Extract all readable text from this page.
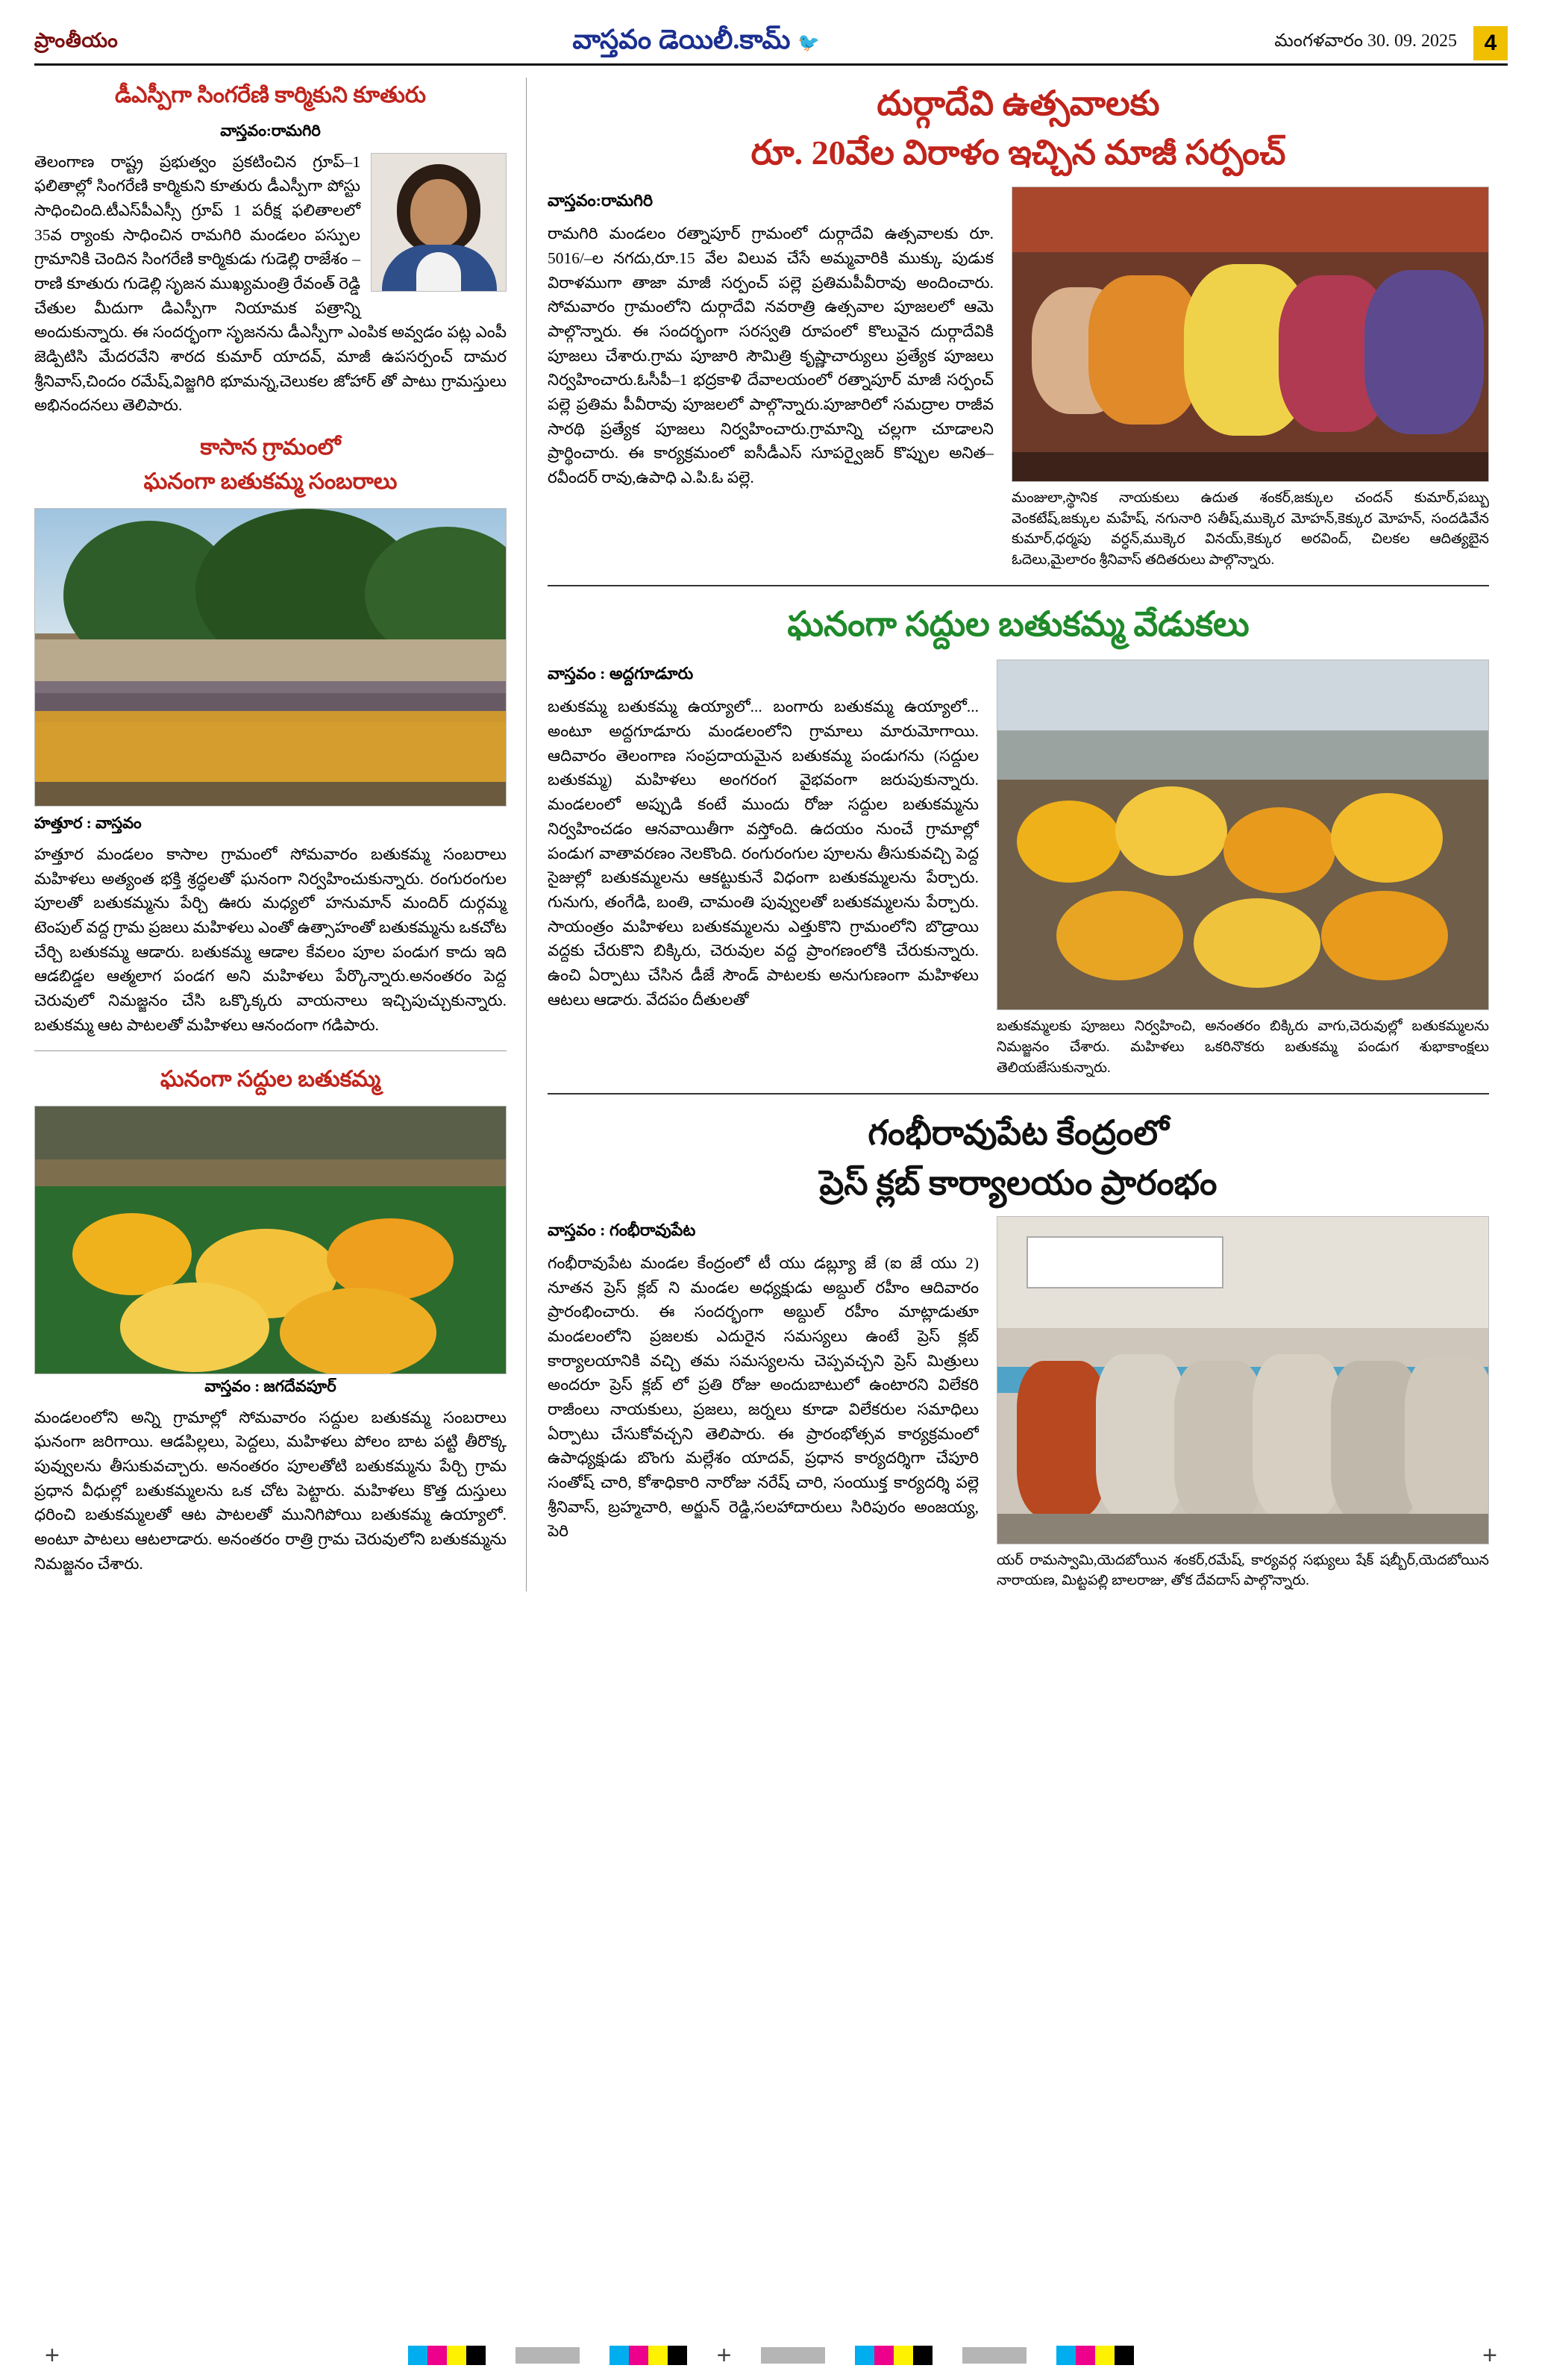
ప్రాంతీయం	వాస్తవం డెయిలీ.కామ్ 🐦	మంగళవారం 30. 09. 2025	4
డీఎస్పీగా సింగరేణి కార్మికుని కూతురు
వాస్తవం:రామగిరి

తెలంగాణ రాష్ట్ర ప్రభుత్వం ప్రకటించిన గ్రూప్–1 ఫలితాల్లో సింగరేణి కార్మికుని కూతురు డీఎస్పీగా పోస్టు సాధించింది.టీఎస్‌పీఎస్సీ గ్రూప్ 1 పరీక్ష ఫలితాలలో 35వ ర్యాంకు సాధించిన రామగిరి మండలం పస్పుల గ్రామానికి చెందిన సింగరేణి కార్మికుడు గుడెల్లి రాజేశం – రాణి కూతురు గుడెల్లి సృజన ముఖ్యమంత్రి రేవంత్ రెడ్డి చేతుల మీదుగా డిఎస్పీగా నియామక పత్రాన్ని అందుకున్నారు. ఈ సందర్భంగా సృజనను డీఎస్పీగా ఎంపిక అవ్వడం పట్ల ఎంపీ జెడ్పిటిసి మేదరవేని శారద కుమార్ యాదవ్, మాజీ ఉపసర్పంచ్ దామర శ్రీనివాస్,చిందం రమేష్,విజ్జగిరి భూమన్న,చెలుకల జోహార్ తో పాటు గ్రామస్తులు అభినందనలు తెలిపారు.

కాసాన గ్రామంలో
ఘనంగా బతుకమ్మ సంబరాలు
హత్తూర : వాస్తవం

హత్తూర మండలం కాసాల గ్రామంలో సోమవారం బతుకమ్మ సంబరాలు మహిళలు అత్యంత భక్తి శ్రద్ధలతో ఘనంగా నిర్వహించుకున్నారు. రంగురంగుల పూలతో బతుకమ్మను పేర్చి ఊరు మధ్యలో హనుమాన్ మందిర్ దుర్గమ్మ టెంపుల్ వద్ద గ్రామ ప్రజలు మహిళలు ఎంతో ఉత్సాహంతో బతుకమ్మను ఒకచోట చేర్చి బతుకమ్మ ఆడారు. బతుకమ్మ ఆడాల కేవలం పూల పండుగ కాదు ఇది ఆడబిడ్డల ఆత్మలాగ పండగ అని మహిళలు పేర్కొన్నారు.అనంతరం పెద్ద చెరువులో నిమజ్జనం చేసి ఒక్కొక్కరు వాయనాలు ఇచ్చిపుచ్చుకున్నారు. బతుకమ్మ ఆట పాటలతో మహిళలు ఆనందంగా గడిపారు.

ఘనంగా సద్దుల బతుకమ్మ
వాస్తవం : జగదేవపూర్

మండలంలోని అన్ని గ్రామాల్లో సోమవారం సద్దుల బతుకమ్మ సంబరాలు ఘనంగా జరిగాయి. ఆడపిల్లలు, పెద్దలు, మహిళలు పోలం బాట పట్టి తీరొక్క పువ్వులను తీసుకువచ్చారు. అనంతరం పూలతోటి బతుకమ్మను పేర్చి గ్రామ ప్రధాన వీధుల్లో బతుకమ్మలను ఒక చోట పెట్టారు. మహిళలు కొత్త దుస్తులు ధరించి బతుకమ్మలతో ఆట పాటలతో మునిగిపోయి బతుకమ్మ ఉయ్యాలో. అంటూ పాటలు ఆటలాడారు. అనంతరం రాత్రి గ్రామ చెరువులోని బతుకమ్మను నిమజ్జనం చేశారు.

దుర్గాదేవి ఉత్సవాలకు
రూ. 20వేల విరాళం ఇచ్చిన మాజీ సర్పంచ్

మంజులా,స్థానిక నాయకులు ఉదుత శంకర్,జక్కుల చందన్ కుమార్,పబ్బు వెంకటేష్,జక్కుల మహేష్, నగునారి సతీష్,ముక్కెర మోహన్,కెక్కుర మోహన్, సందడివేన కుమార్,ధర్మపు వర్ధన్,ముక్కెర వినయ్,కెక్కుర అరవింద్, చిలకల ఆదిత్యబైన ఓదెలు,మైలారం శ్రీనివాస్ తదితరులు పాల్గొన్నారు.

వాస్తవం:రామగిరి

రామగిరి మండలం రత్నాపూర్ గ్రామంలో దుర్గాదేవి ఉత్సవాలకు రూ. 5016/–ల నగదు,రూ.15 వేల విలువ చేసే అమ్మవారికి ముక్కు పుడుక విరాళముగా తాజా మాజీ సర్పంచ్ పల్లె ప్రతిమపీవీరావు అందించారు. సోమవారం గ్రామంలోని దుర్గాదేవి నవరాత్రి ఉత్సవాల పూజలలో ఆమె పాల్గొన్నారు. ఈ సందర్భంగా సరస్వతి రూపంలో కొలువైన దుర్గాదేవికి పూజలు చేశారు.గ్రామ పూజారి సౌమిత్రి కృష్ణాచార్యులు ప్రత్యేక పూజలు నిర్వహించారు.ఓసీపీ–1 భద్రకాళి దేవాలయంలో రత్నాపూర్ మాజీ సర్పంచ్ పల్లె ప్రతిమ పీవీరావు పూజలలో పాల్గొన్నారు.పూజారిలో సమద్రాల రాజీవ సారథి ప్రత్యేక పూజలు నిర్వహించారు.గ్రామాన్ని చల్లగా చూడాలని ప్రార్థించారు. ఈ కార్యక్రమంలో ఐసీడీఎస్ సూపర్వైజర్ కొప్పుల అనిత–రవీందర్ రావు,ఉపాధి ఎ.పి.ఓ పల్లె.

ఘనంగా సద్దుల బతుకమ్మ వేడుకలు

బతుకమ్మలకు పూజలు నిర్వహించి, అనంతరం బిక్కిరు వాగు,చెరువుల్లో బతుకమ్మలను నిమజ్జనం చేశారు. మహిళలు ఒకరినొకరు బతుకమ్మ పండుగ శుభాకాంక్షలు తెలియజేసుకున్నారు.

వాస్తవం : అద్దగూడూరు

బతుకమ్మ బతుకమ్మ ఉయ్యాలో... బంగారు బతుకమ్మ ఉయ్యాలో... అంటూ అద్దగూడూరు మండలంలోని గ్రామాలు మారుమోగాయి. ఆదివారం తెలంగాణ సంప్రదాయమైన బతుకమ్మ పండుగను (సద్దుల బతుకమ్మ) మహిళలు అంగరంగ వైభవంగా జరుపుకున్నారు. మండలంలో అప్పుడి కంటే ముందు రోజు సద్దుల బతుకమ్మను నిర్వహించడం ఆనవాయితీగా వస్తోంది. ఉదయం నుంచే గ్రామాల్లో పండుగ వాతావరణం నెలకొంది. రంగురంగుల పూలను తీసుకువచ్చి పెద్ద సైజుల్లో బతుకమ్మలను ఆకట్టుకునే విధంగా బతుకమ్మలను పేర్చారు. గునుగు, తంగేడి, బంతి, చామంతి పువ్వులతో బతుకమ్మలను పేర్చారు. సాయంత్రం మహిళలు బతుకమ్మలను ఎత్తుకొని గ్రామంలోని బొడ్రాయి వద్దకు చేరుకొని బిక్కిరు, చెరువుల వద్ద ప్రాంగణంలోకి చేరుకున్నారు. ఉంచి ఏర్పాటు చేసిన డీజే సౌండ్ పాటలకు అనుగుణంగా మహిళలు ఆటలు ఆడారు. వేదపం దీతులతో

గంభీరావుపేట కేంద్రంలో
ప్రెస్ క్లబ్ కార్యాలయం ప్రారంభం

యర్ రామస్వామి,యెదబోయిన శంకర్,రమేష్, కార్యవర్గ సభ్యులు షేక్ షబ్బీర్,యెదబోయిన నారాయణ, మిట్టపల్లి బాలరాజు, తోక దేవదాస్ పాల్గొన్నారు.

వాస్తవం : గంభీరావుపేట

గంభీరావుపేట మండల కేంద్రంలో టీ యు డబ్ల్యూ జే (ఐ జే యు 2) నూతన ప్రెస్ క్లబ్ ని మండల అధ్యక్షుడు అబ్దుల్ రహీం ఆదివారం ప్రారంభించారు. ఈ సందర్భంగా అబ్దుల్ రహీం మాట్లాడుతూ మండలంలోని ప్రజలకు ఎదురైన సమస్యలు ఉంటే ప్రెస్ క్లబ్ కార్యాలయానికి వచ్చి తమ సమస్యలను చెప్పవచ్చని ప్రెస్ మిత్రులు అందరూ ప్రెస్ క్లబ్ లో ప్రతి రోజు అందుబాటులో ఉంటారని విలేకరి రాజీంలు నాయకులు, ప్రజలు, జర్నలు కూడా విలేకరుల సమాధిలు ఏర్పాటు చేసుకోవచ్చని తెలిపారు. ఈ ప్రారంభోత్సవ కార్యక్రమంలో ఉపాధ్యక్షుడు బొంగు మల్లేశం యాదవ్, ప్రధాన కార్యదర్శిగా చేపూరి సంతోష్ చారి, కోశాధికారి నారోజు నరేష్ చారి, సంయుక్త కార్యదర్శి పల్లె శ్రీనివాస్, బ్రహ్మచారి, అర్జున్ రెడ్డి,సలహాదారులు సిరిపురం అంజయ్య, పెరి

+	+	+
